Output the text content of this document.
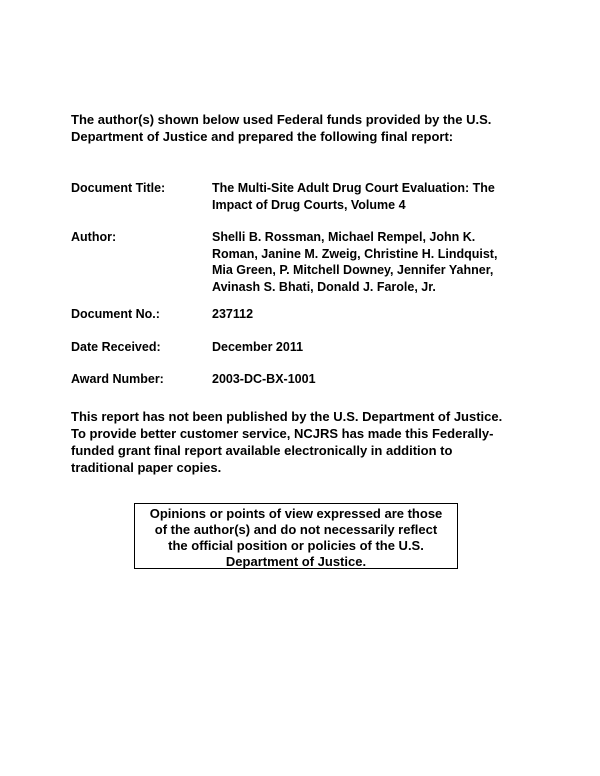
The author(s) shown below used Federal funds provided by the U.S.
Department of Justice and prepared the following final report:
Document Title:	The Multi-Site Adult Drug Court Evaluation: The
Impact of Drug Courts, Volume 4
Author:	Shelli B. Rossman, Michael Rempel, John K.
Roman, Janine M. Zweig, Christine H. Lindquist,
Mia Green, P. Mitchell Downey, Jennifer Yahner,
Avinash S. Bhati, Donald J. Farole, Jr.
Document No.:	237112
Date Received:	December 2011
Award Number:	2003-DC-BX-1001
This report has not been published by the U.S. Department of Justice.
To provide better customer service, NCJRS has made this Federally-
funded grant final report available electronically in addition to
traditional paper copies.
Opinions or points of view expressed are those
of the author(s) and do not necessarily reflect
the official position or policies of the U.S.
Department of Justice.
